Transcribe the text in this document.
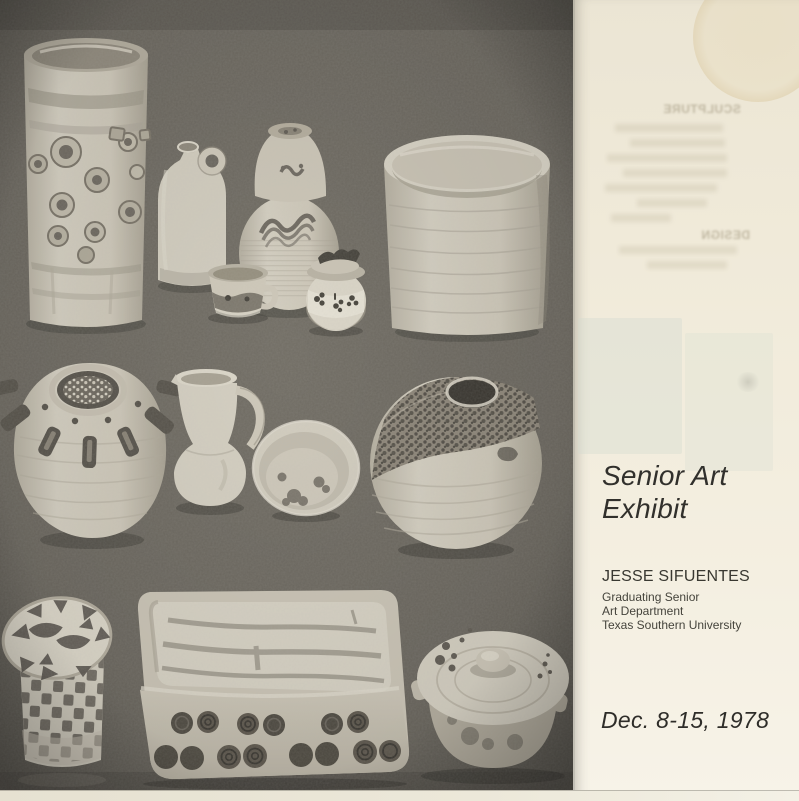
SCULPTURE
DESIGN
Senior Art
Exhibit
JESSE SIFUENTES
Graduating Senior
Art Department
Texas Southern University
Dec. 8-15, 1978
